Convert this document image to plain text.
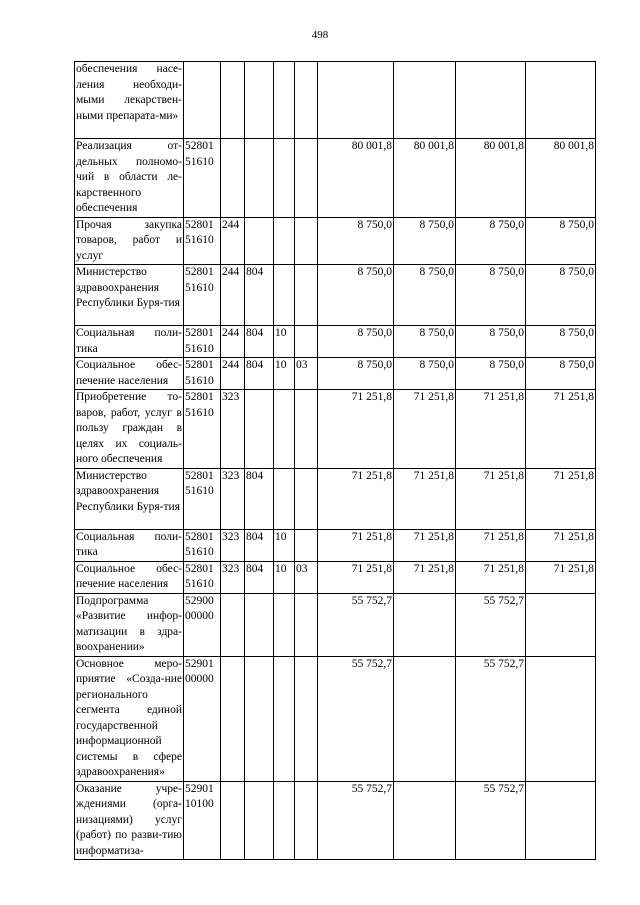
498
обеспечения насе-ления необходи-мыми лекарствен-ными препарата-ми»									
Реализация от-дельных полномо-чий в области ле-карственного обеспечения	52801 51610					80 001,8	80 001,8	80 001,8	80 001,8
Прочая закупка товаров, работ и услуг	52801 51610	244				8 750,0	8 750,0	8 750,0	8 750,0
Министерство здравоохранения Республики Буря-тия	52801 51610	244	804			8 750,0	8 750,0	8 750,0	8 750,0
Социальная поли-тика	52801 51610	244	804	10		8 750,0	8 750,0	8 750,0	8 750,0
Социальное обес-печение населения	52801 51610	244	804	10	03	8 750,0	8 750,0	8 750,0	8 750,0
Приобретение то-варов, работ, услуг в пользу граждан в целях их социаль-ного обеспечения	52801 51610	323				71 251,8	71 251,8	71 251,8	71 251,8
Министерство здравоохранения Республики Буря-тия	52801 51610	323	804			71 251,8	71 251,8	71 251,8	71 251,8
Социальная поли-тика	52801 51610	323	804	10		71 251,8	71 251,8	71 251,8	71 251,8
Социальное обес-печение населения	52801 51610	323	804	10	03	71 251,8	71 251,8	71 251,8	71 251,8
Подпрограмма «Развитие инфор-матизации в здра-воохранении»	52900 00000					55 752,7		55 752,7	
Основное меро-приятие «Созда-ние регионального сегмента единой государственной информационной системы в сфере здравоохранения»	52901 00000					55 752,7		55 752,7	
Оказание учре-ждениями (орга-низациями) услуг (работ) по разви-тию информатиза-	52901 10100					55 752,7		55 752,7	
